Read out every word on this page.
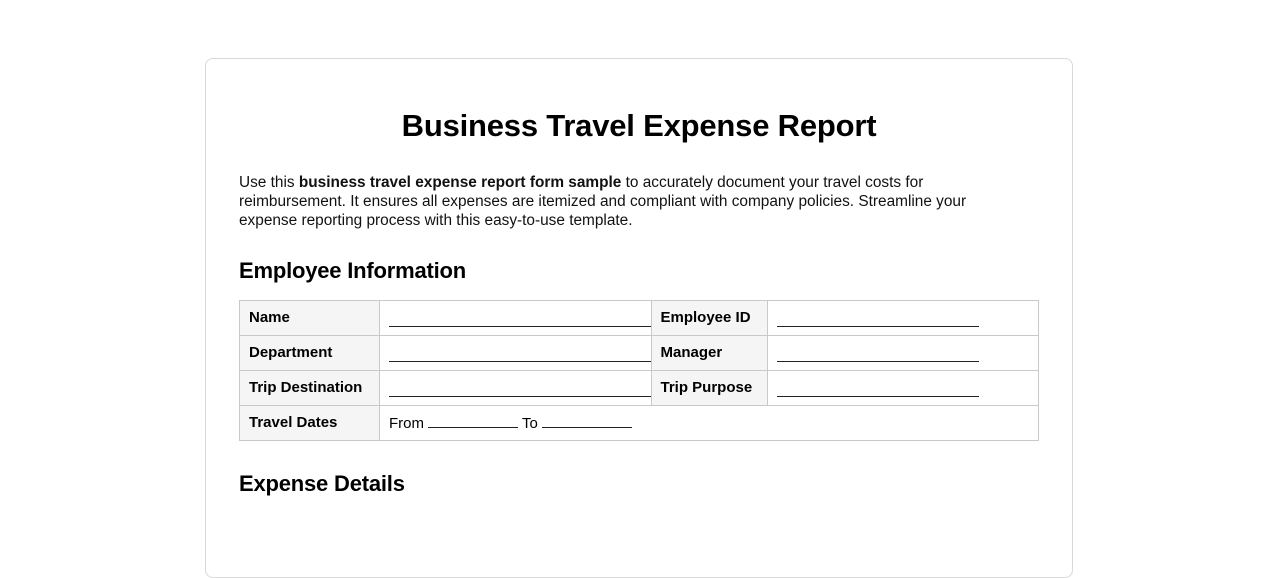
Business Travel Expense Report

Use this business travel expense report form sample to accurately document your travel costs for reimbursement. It ensures all expenses are itemized and compliant with company policies. Streamline your expense reporting process with this easy-to-use template.

Employee Information
Name		Employee ID	

Department		Manager	

Trip Destination		Trip Purpose	

Travel Dates	From To		
Expense Details
